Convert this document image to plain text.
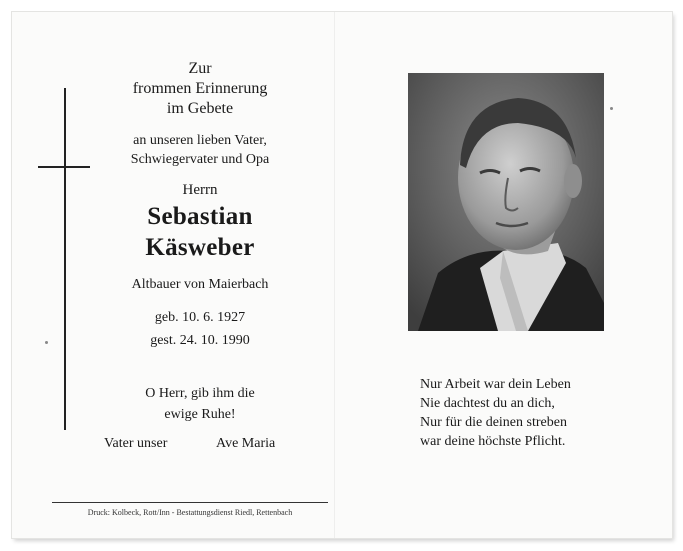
Zur
frommen Erinnerung
im Gebete
an unseren lieben Vater,
Schwiegervater und Opa
Herrn
Sebastian
Käsweber
Altbauer von Maierbach
geb. 10. 6. 1927
gest. 24. 10. 1990
O Herr, gib ihm die
ewige Ruhe!
Vater unser	Ave Maria
Druck: Kolbeck, Rott/Inn - Bestattungsdienst Riedl, Rettenbach
Nur Arbeit war dein Leben
Nie dachtest du an dich,
Nur für die deinen streben
war deine höchste Pflicht.
